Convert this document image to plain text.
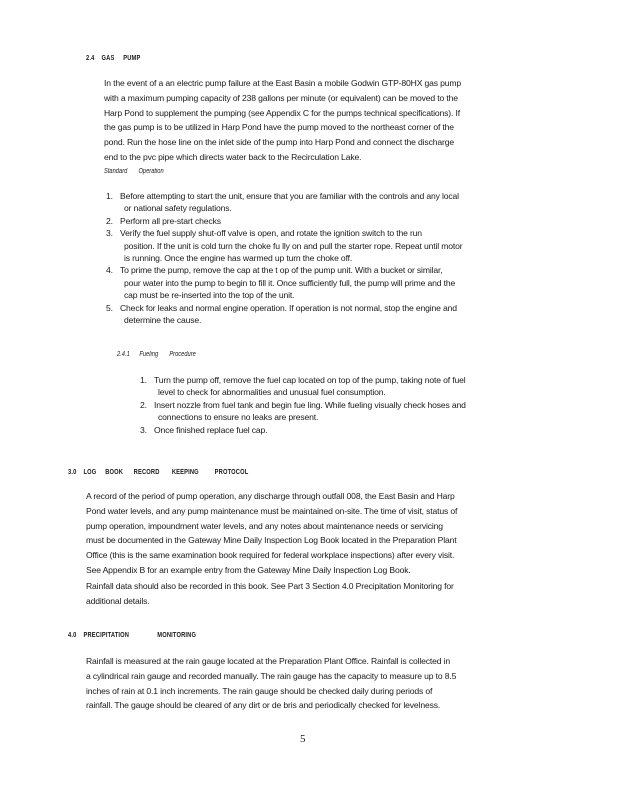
2.4    GAS     PUMP
In the event of a an electric pump failure at the East Basin a mobile Godwin GTP-80HX gas pump
with a maximum pumping capacity of 238 gallons per minute (or equivalent) can be moved to the
Harp Pond to supplement the pumping (see Appendix C for the pumps technical specifications). If
the gas pump is to be utilized in Harp Pond have the pump moved to the northeast corner of the
pond. Run the hose line on the inlet side of the pump into Harp Pond and connect the discharge
end to the pvc pipe which directs water back to the Recirculation Lake.
Standard       Operation
1. Before attempting to start the unit, ensure that you are familiar with the controls and any local
or national safety regulations.
2. Perform all pre-start checks
3. Verify the fuel supply shut-off valve is open, and rotate the ignition switch to the run
position. If the unit is cold turn the choke fu lly on and pull the starter rope. Repeat until motor
is running. Once the engine has warmed up turn the choke off.
4. To prime the pump, remove the cap at the t op of the pump unit. With a bucket or similar,
pour water into the pump to begin to fill it. Once sufficiently full, the pump will prime and the
cap must be re-inserted into the top of the unit.
5. Check for leaks and normal engine operation. If operation is not normal, stop the engine and
determine the cause.
2.4.1      Fueling       Procedure
1. Turn the pump off, remove the fuel cap located on top of the pump, taking note of fuel
level to check for abnormalities and unusual fuel consumption.
2. Insert nozzle from fuel tank and begin fue ling. While fueling visually check hoses and
connections to ensure no leaks are present.
3. Once finished replace fuel cap.
3.0    LOG     BOOK      RECORD       KEEPING         PROTOCOL
A record of the period of pump operation, any discharge through outfall 008, the East Basin and Harp
Pond water levels, and any pump maintenance must be maintained on-site. The time of visit, status of
pump operation, impoundment water levels, and any notes about maintenance needs or servicing
must be documented in the Gateway Mine Daily Inspection Log Book located in the Preparation Plant
Office (this is the same examination book required for federal workplace inspections) after every visit.
See Appendix B for an example entry from the Gateway Mine Daily Inspection Log Book.
Rainfall data should also be recorded in this book. See Part 3 Section 4.0 Precipitation Monitoring for
additional details.
4.0    PRECIPITATION                MONITORING
Rainfall is measured at the rain gauge located at the Preparation Plant Office. Rainfall is collected in
a cylindrical rain gauge and recorded manually. The rain gauge has the capacity to measure up to 8.5
inches of rain at 0.1 inch increments. The rain gauge should be checked daily during periods of
rainfall. The gauge should be cleared of any dirt or de bris and periodically checked for levelness.
5
